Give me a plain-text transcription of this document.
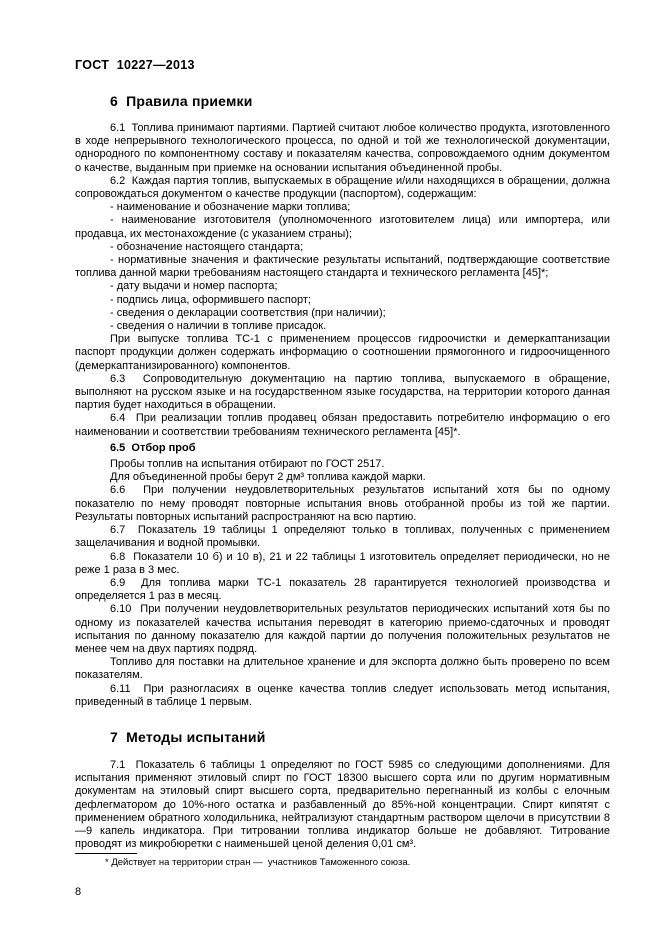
ГОСТ  10227—2013
6  Правила приемки

6.1  Топлива принимают партиями. Партией считают любое количество продукта, изготовленного в ходе непрерывного технологического процесса, по одной и той же технологической документации, однородного по компонентному составу и показателям качества, сопровождаемого одним документом о качестве, выданным при приемке на основании испытания объединенной пробы.

6.2  Каждая партия топлив, выпускаемых в обращение и/или находящихся в обращении, должна сопровождаться документом о качестве продукции (паспортом), содержащим:

- наименование и обозначение марки топлива;

- наименование изготовителя (уполномоченного изготовителем лица) или импортера, или продавца, их местонахождение (с указанием страны);

- обозначение настоящего стандарта;

- нормативные значения и фактические результаты испытаний, подтверждающие соответствие топлива данной марки требованиям настоящего стандарта и технического регламента [45]*;

- дату выдачи и номер паспорта;

- подпись лица, оформившего паспорт;

- сведения о декларации соответствия (при наличии);

- сведения о наличии в топливе присадок.

При выпуске топлива ТС-1 с применением процессов гидроочистки и демеркаптанизации паспорт продукции должен содержать информацию о соотношении прямогонного и гидроочищенного (демеркаптанизированного) компонентов.

6.3  Сопроводительную документацию на партию топлива, выпускаемого в обращение, выполняют на русском языке и на государственном языке государства, на территории которого данная партия будет находиться в обращении.

6.4  При реализации топлив продавец обязан предоставить потребителю информацию о его наименовании и соответствии требованиям технического регламента [45]*.

6.5  Отбор проб

Пробы топлив на испытания отбирают по ГОСТ 2517.

Для объединенной пробы берут 2 дм³ топлива каждой марки.

6.6  При получении неудовлетворительных результатов испытаний хотя бы по одному показателю по нему проводят повторные испытания вновь отобранной пробы из той же партии. Результаты повторных испытаний распространяют на всю партию.

6.7  Показатель 19 таблицы 1 определяют только в топливах, полученных с применением защелачивания и водной промывки.

6.8  Показатели 10 б) и 10 в), 21 и 22 таблицы 1 изготовитель определяет периодически, но не реже 1 раза в 3 мес.

6.9  Для топлива марки ТС-1 показатель 28 гарантируется технологией производства и определяется 1 раз в месяц.

6.10  При получении неудовлетворительных результатов периодических испытаний хотя бы по одному из показателей качества испытания переводят в категорию приемо-сдаточных и проводят испытания по данному показателю для каждой партии до получения положительных результатов не менее чем на двух партиях подряд.

Топливо для поставки на длительное хранение и для экспорта должно быть проверено по всем показателям.

6.11  При разногласиях в оценке качества топлив следует использовать метод испытания, приведенный в таблице 1 первым.

7  Методы испытаний

7.1  Показатель 6 таблицы 1 определяют по ГОСТ 5985 со следующими дополнениями. Для испытания применяют этиловый спирт по ГОСТ 18300 высшего сорта или по другим нормативным документам на этиловый спирт высшего сорта, предварительно перегнанный из колбы с елочным дефлегматором до 10%-ного остатка и разбавленный до 85%-ной концентрации. Спирт кипятят с применением обратного холодильника, нейтрализуют стандартным раствором щелочи в присутствии 8—9 капель индикатора. При титровании топлива индикатор больше не добавляют. Титрование проводят из микробюретки с наименьшей ценой деления 0,01 см³.

* Действует на территории стран —  участников Таможенного союза.

8
